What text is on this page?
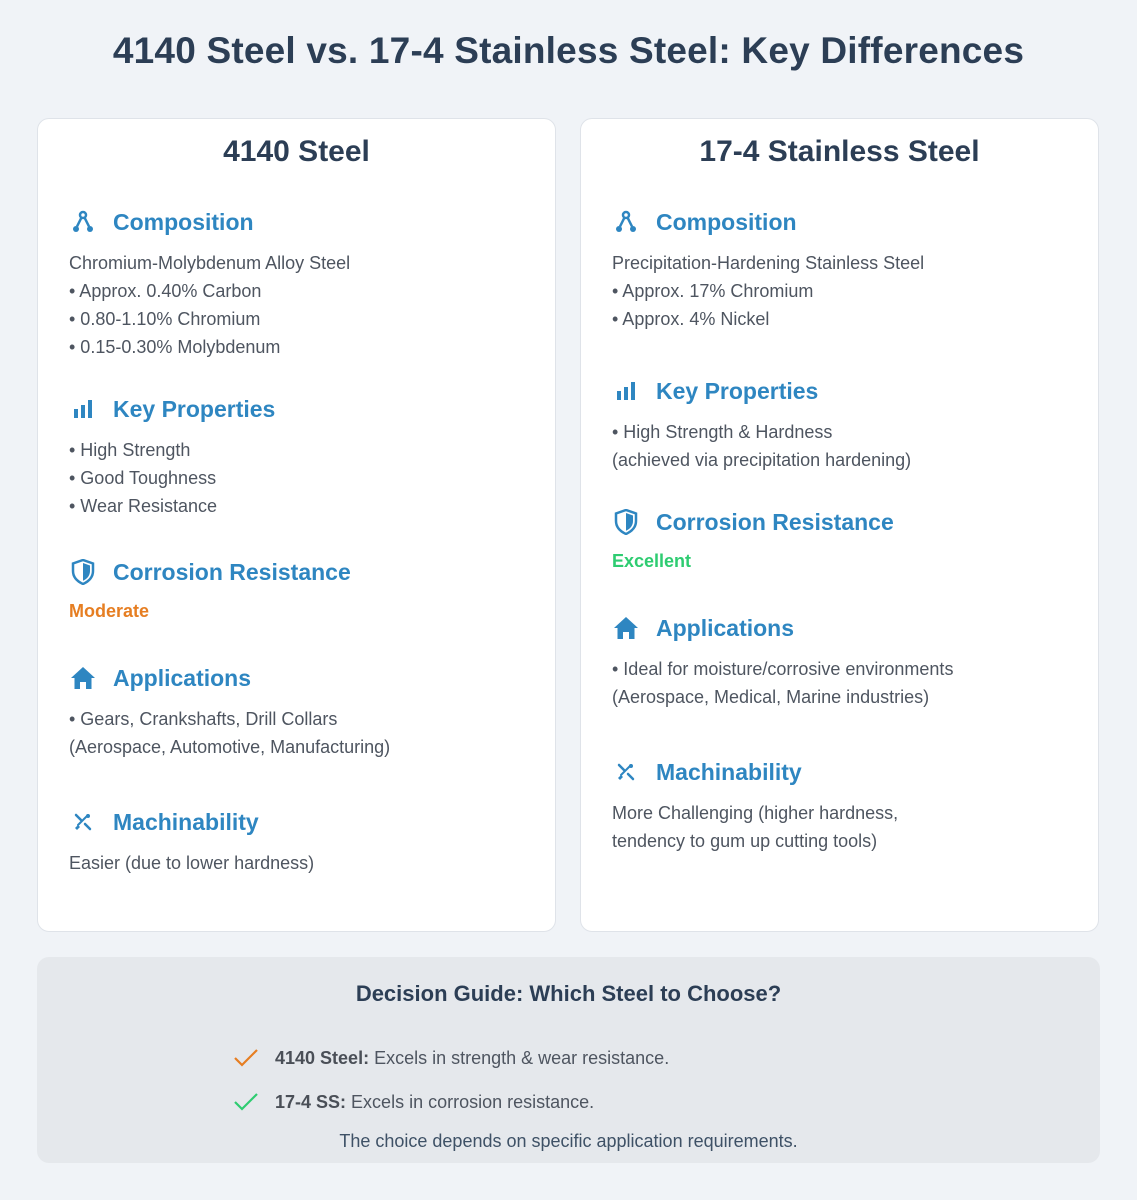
4140 Steel vs. 17-4 Stainless Steel: Key Differences
4140 Steel
Composition
Chromium-Molybdenum Alloy Steel
• Approx. 0.40% Carbon
• 0.80-1.10% Chromium
• 0.15-0.30% Molybdenum
Key Properties
• High Strength
• Good Toughness
• Wear Resistance
Corrosion Resistance
Moderate
Applications
• Gears, Crankshafts, Drill Collars
(Aerospace, Automotive, Manufacturing)
Machinability
Easier (due to lower hardness)
17-4 Stainless Steel
Composition
Precipitation-Hardening Stainless Steel
• Approx. 17% Chromium
• Approx. 4% Nickel
Key Properties
• High Strength & Hardness
(achieved via precipitation hardening)
Corrosion Resistance
Excellent
Applications
• Ideal for moisture/corrosive environments
(Aerospace, Medical, Marine industries)
Machinability
More Challenging (higher hardness,
tendency to gum up cutting tools)
Decision Guide: Which Steel to Choose?
4140 Steel: Excels in strength & wear resistance.
17-4 SS: Excels in corrosion resistance.
The choice depends on specific application requirements.
